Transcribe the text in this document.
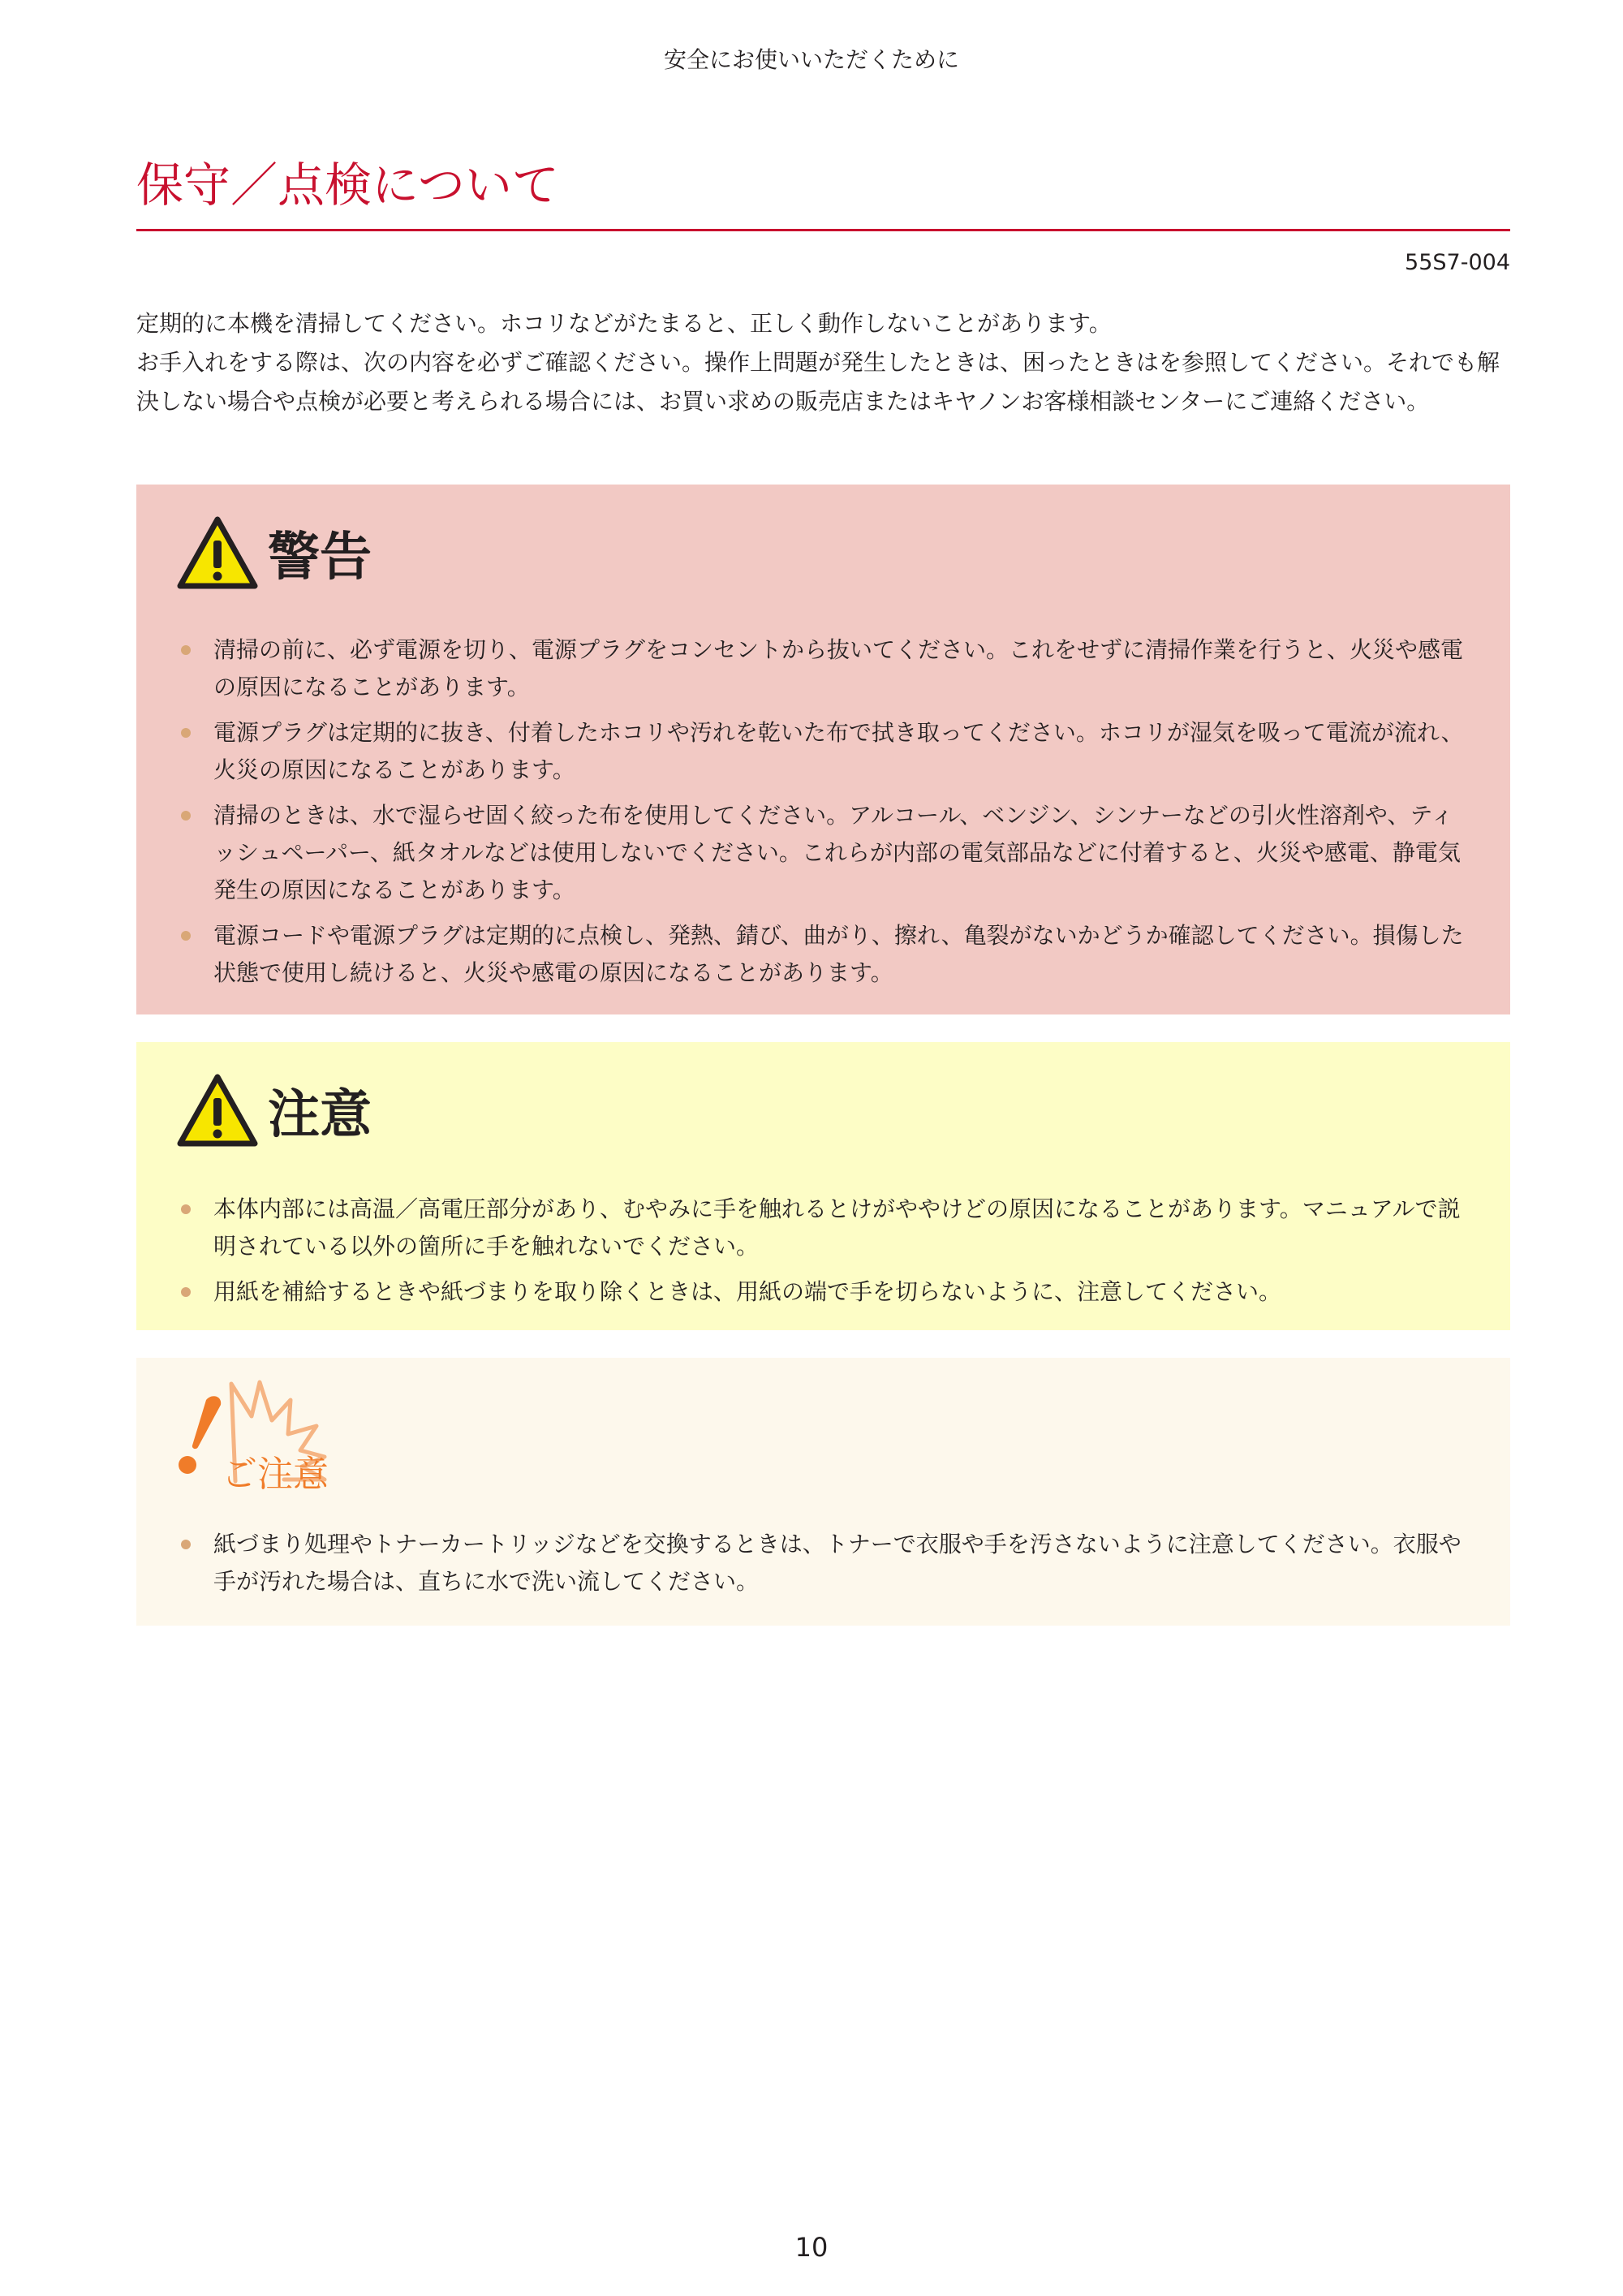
安全にお使いいただくために
保守／点検について
55S7-004

定期的に本機を清掃してください。ホコリなどがたまると、正しく動作しないことがあります。

お手入れをする際は、次の内容を必ずご確認ください。操作上問題が発生したときは、困ったときはを参照してください。それでも解決しない場合や点検が必要と考えられる場合には、お買い求めの販売店またはキヤノンお客様相談センターにご連絡ください。

警告
清掃の前に、必ず電源を切り、電源プラグをコンセントから抜いてください。これをせずに清掃作業を行うと、火災や感電の原因になることがあります。
電源プラグは定期的に抜き、付着したホコリや汚れを乾いた布で拭き取ってください。ホコリが湿気を吸って電流が流れ、火災の原因になることがあります。
清掃のときは、水で湿らせ固く絞った布を使用してください。アルコール、ベンジン、シンナーなどの引火性溶剤や、ティッシュペーパー、紙タオルなどは使用しないでください。これらが内部の電気部品などに付着すると、火災や感電、静電気発生の原因になることがあります。
電源コードや電源プラグは定期的に点検し、発熱、錆び、曲がり、擦れ、亀裂がないかどうか確認してください。損傷した状態で使用し続けると、火災や感電の原因になることがあります。
注意
本体内部には高温／高電圧部分があり、むやみに手を触れるとけがややけどの原因になることがあります。マニュアルで説明されている以外の箇所に手を触れないでください。
用紙を補給するときや紙づまりを取り除くときは、用紙の端で手を切らないように、注意してください。
ご注意
紙づまり処理やトナーカートリッジなどを交換するときは、トナーで衣服や手を汚さないように注意してください。衣服や手が汚れた場合は、直ちに水で洗い流してください。
10
